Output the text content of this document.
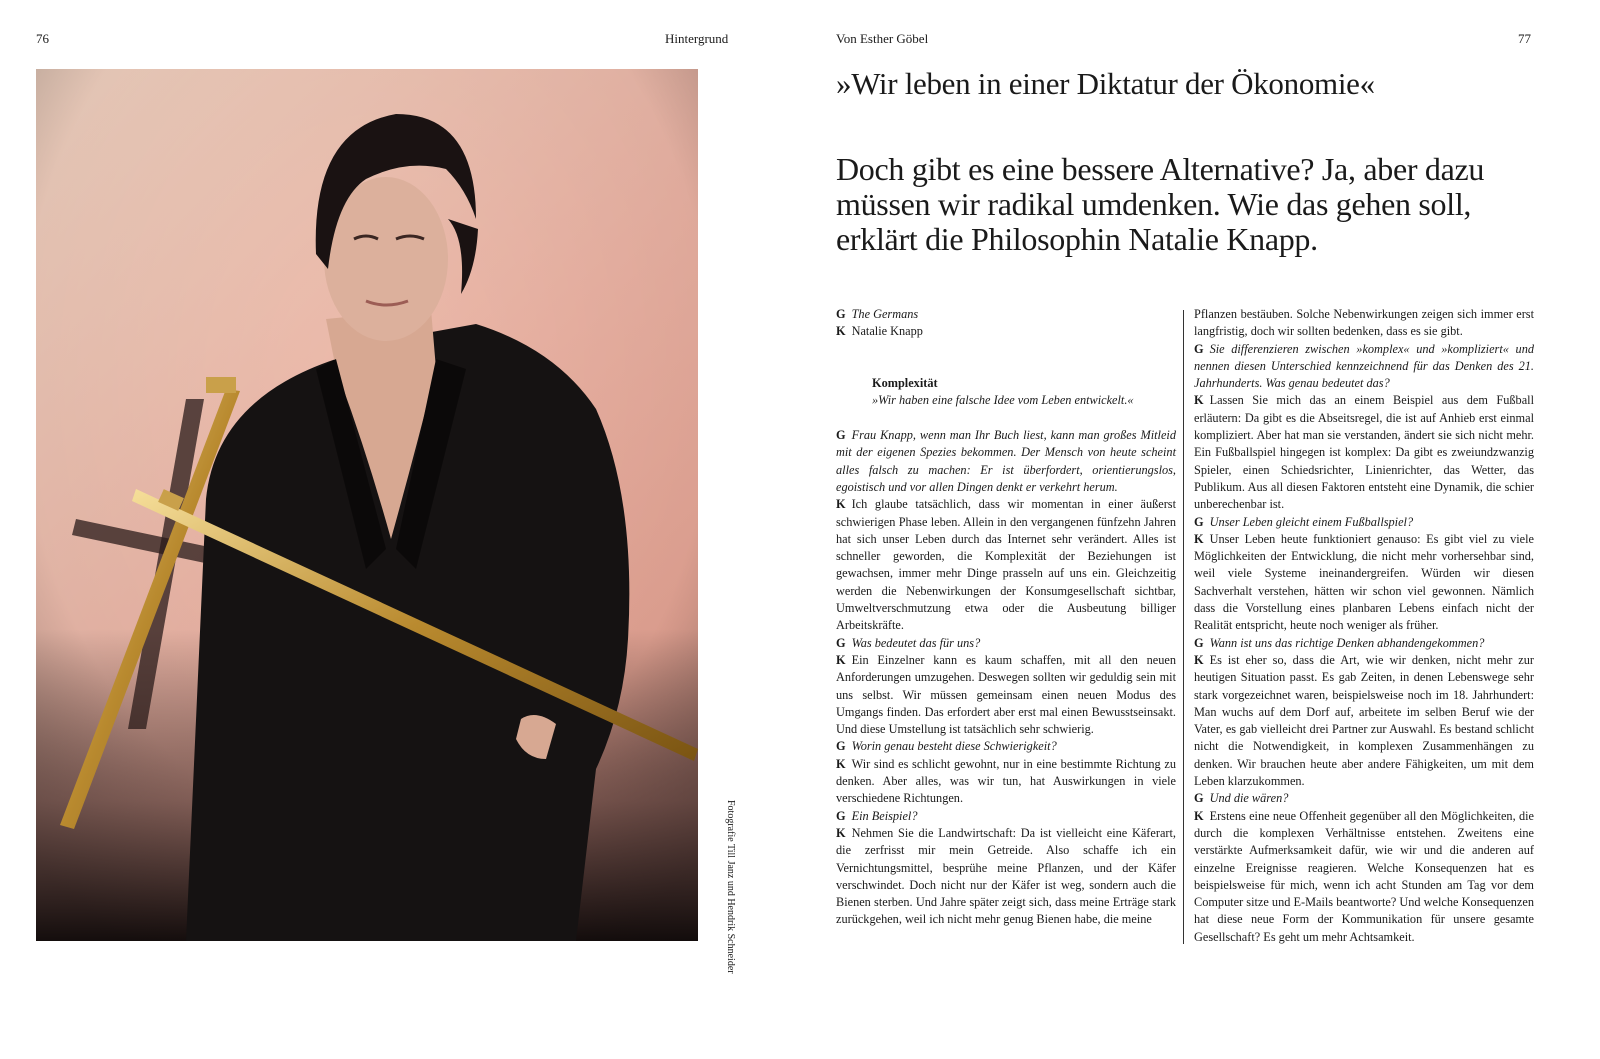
76	Hintergrund	Von Esther Göbel	77
Fotografie Till Janz und Hendrik Schneider
»Wir leben in einer Diktatur der Ökonomie«
Doch gibt es eine bessere Alternative? Ja, aber dazu müssen wir radikal umdenken. Wie das gehen soll, erklärt die Philosophin Natalie Knapp.

G The Germans

K Natalie Knapp

Komplexität

»Wir haben eine falsche Idee vom Leben entwickelt.«

G Frau Knapp, wenn man Ihr Buch liest, kann man großes Mitleid mit der eigenen Spezies bekommen. Der Mensch von heute scheint alles falsch zu machen: Er ist überfordert, orientierungslos, egoistisch und vor allen Dingen denkt er verkehrt herum.

K Ich glaube tatsächlich, dass wir momentan in einer äußerst schwierigen Phase leben. Allein in den vergangenen fünfzehn Jahren hat sich unser Leben durch das Internet sehr verändert. Alles ist schneller geworden, die Komplexität der Beziehungen ist gewachsen, immer mehr Dinge prasseln auf uns ein. Gleichzeitig werden die Nebenwirkungen der Konsumgesellschaft sichtbar, Umweltverschmutzung etwa oder die Ausbeutung billiger Arbeitskräfte.

G Was bedeutet das für uns?

K Ein Einzelner kann es kaum schaffen, mit all den neuen Anforderungen umzugehen. Deswegen sollten wir geduldig sein mit uns selbst. Wir müssen gemeinsam einen neuen Modus des Umgangs finden. Das erfordert aber erst mal einen Bewusstseinsakt. Und diese Umstellung ist tatsächlich sehr schwierig.

G Worin genau besteht diese Schwierigkeit?

K Wir sind es schlicht gewohnt, nur in eine bestimmte Richtung zu denken. Aber alles, was wir tun, hat Auswirkungen in viele verschiedene Richtungen.

G Ein Beispiel?

K Nehmen Sie die Landwirtschaft: Da ist vielleicht eine Käferart, die zerfrisst mir mein Getreide. Also schaffe ich ein Vernichtungsmittel, besprühe meine Pflanzen, und der Käfer verschwindet. Doch nicht nur der Käfer ist weg, sondern auch die Bienen sterben. Und Jahre später zeigt sich, dass meine Erträge stark zurückgehen, weil ich nicht mehr genug Bienen habe, die meine

Pflanzen bestäuben. Solche Nebenwirkungen zeigen sich immer erst langfristig, doch wir sollten bedenken, dass es sie gibt.

G Sie differenzieren zwischen »komplex« und »kompliziert« und nennen diesen Unterschied kennzeichnend für das Denken des 21. Jahrhunderts. Was genau bedeutet das?

K Lassen Sie mich das an einem Beispiel aus dem Fußball erläutern: Da gibt es die Abseitsregel, die ist auf Anhieb erst einmal kompliziert. Aber hat man sie verstanden, ändert sie sich nicht mehr. Ein Fußballspiel hingegen ist komplex: Da gibt es zweiundzwanzig Spieler, einen Schiedsrichter, Linienrichter, das Wetter, das Publikum. Aus all diesen Faktoren entsteht eine Dynamik, die schier unberechenbar ist.

G Unser Leben gleicht einem Fußballspiel?

K Unser Leben heute funktioniert genauso: Es gibt viel zu viele Möglichkeiten der Entwicklung, die nicht mehr vorhersehbar sind, weil viele Systeme ineinandergreifen. Würden wir diesen Sachverhalt verstehen, hätten wir schon viel gewonnen. Nämlich dass die Vorstellung eines planbaren Lebens einfach nicht der Realität entspricht, heute noch weniger als früher.

G Wann ist uns das richtige Denken abhandengekommen?

K Es ist eher so, dass die Art, wie wir denken, nicht mehr zur heutigen Situation passt. Es gab Zeiten, in denen Lebenswege sehr stark vorgezeichnet waren, beispielsweise noch im 18. Jahrhundert: Man wuchs auf dem Dorf auf, arbeitete im selben Beruf wie der Vater, es gab vielleicht drei Partner zur Auswahl. Es bestand schlicht nicht die Notwendigkeit, in komplexen Zusammenhängen zu denken. Wir brauchen heute aber andere Fähigkeiten, um mit dem Leben klarzukommen.

G Und die wären?

K Erstens eine neue Offenheit gegenüber all den Möglichkeiten, die durch die komplexen Verhältnisse entstehen. Zweitens eine verstärkte Aufmerksamkeit dafür, wie wir und die anderen auf einzelne Ereignisse reagieren. Welche Konsequenzen hat es beispielsweise für mich, wenn ich acht Stunden am Tag vor dem Computer sitze und E-Mails beantworte? Und welche Konsequenzen hat diese neue Form der Kommunikation für unsere gesamte Gesellschaft? Es geht um mehr Achtsamkeit.
